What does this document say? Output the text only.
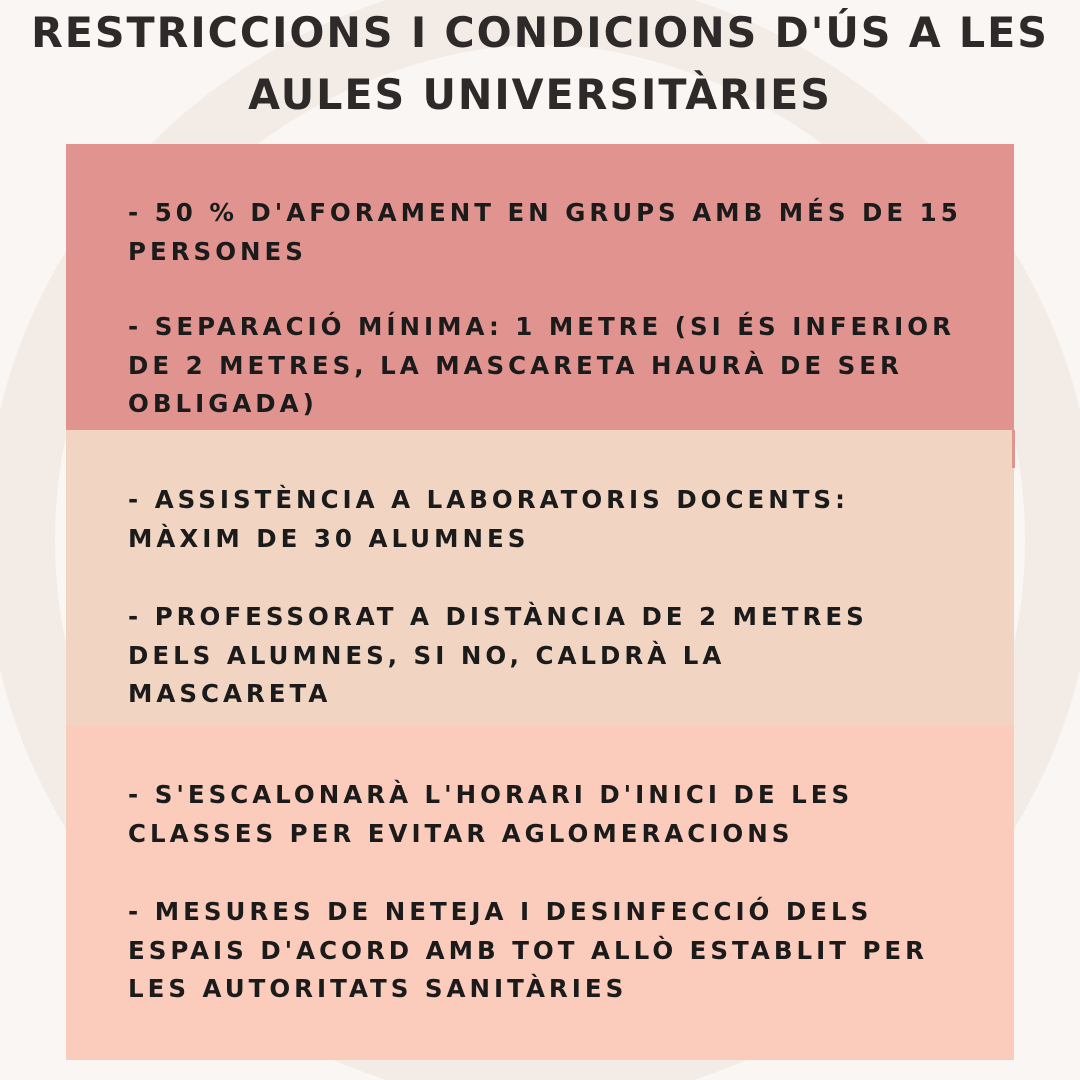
RESTRICCIONS I CONDICIONS D'ÚS A LES
AULES UNIVERSITÀRIES

- 50 % D'AFORAMENT EN GRUPS AMB MÉS DE 15
PERSONES

- SEPARACIÓ MÍNIMA: 1 METRE (SI ÉS INFERIOR
DE 2 METRES, LA MASCARETA HAURÀ DE SER
OBLIGADA)

- ASSISTÈNCIA A LABORATORIS DOCENTS:
MÀXIM DE 30 ALUMNES

- PROFESSORAT A DISTÀNCIA DE 2 METRES
DELS ALUMNES, SI NO, CALDRÀ LA
MASCARETA

- S'ESCALONARÀ L'HORARI D'INICI DE LES
CLASSES PER EVITAR AGLOMERACIONS

- MESURES DE NETEJA I DESINFECCIÓ DELS
ESPAIS D'ACORD AMB TOT ALLÒ ESTABLIT PER
LES AUTORITATS SANITÀRIES
